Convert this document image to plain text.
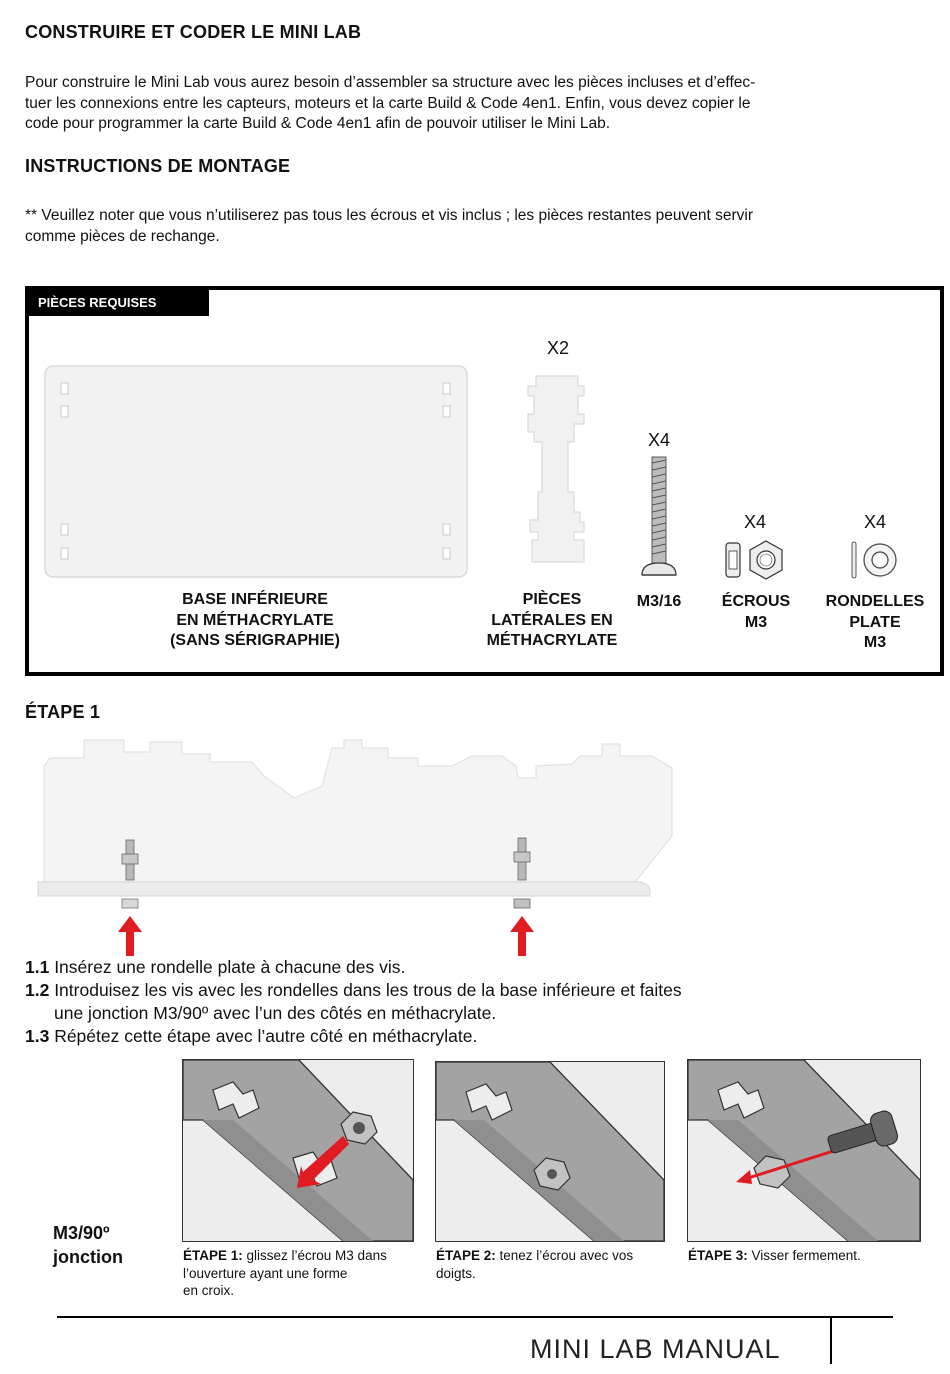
CONSTRUIRE ET CODER LE MINI LAB
Pour construire le Mini Lab vous aurez besoin d’assembler sa structure avec les pièces incluses et d’effec-
tuer les connexions entre les capteurs, moteurs et la carte Build & Code 4en1. Enfin, vous devez copier le
code pour programmer la carte Build & Code 4en1 afin de pouvoir utiliser le Mini Lab.
INSTRUCTIONS DE MONTAGE
** Veuillez noter que vous n’utiliserez pas tous les écrous et vis inclus ; les pièces restantes peuvent servir
comme pièces de rechange.
PIÈCES REQUISES
BASE INFÉRIEURE
EN MÉTHACRYLATE
(SANS SÉRIGRAPHIE)
X2
PIÈCES
LATÉRALES EN
MÉTHACRYLATE
X4
M3/16
X4
ÉCROUS
M3
X4
RONDELLES
PLATE
M3
ÉTAPE 1
1.1 Insérez une rondelle plate à chacune des vis.
1.2 Introduisez les vis avec les rondelles dans les trous de la base inférieure et faites
une jonction M3/90º avec l’un des côtés en méthacrylate.
1.3 Répétez cette étape avec l’autre côté en méthacrylate.
M3/90º
jonction	ÉTAPE 1: glissez l’écrou M3 dans
l’ouverture ayant une forme
en croix.
ÉTAPE 2: tenez l’écrou avec vos
doigts.
ÉTAPE 3: Visser fermement.
MINI LAB MANUAL
